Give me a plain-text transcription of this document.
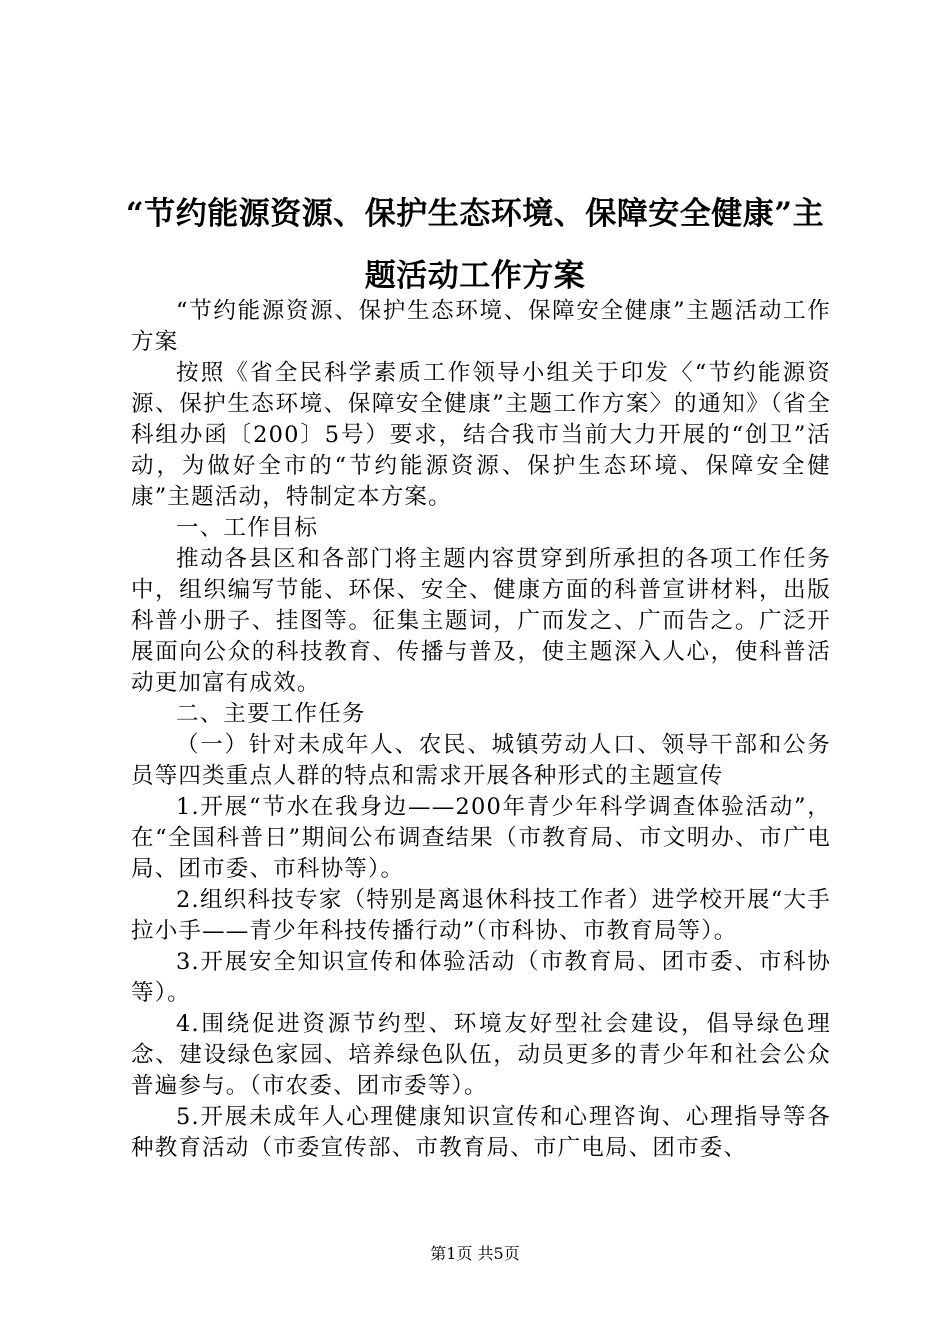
“节约能源资源、保护生态环境、保障安全健康”主题活动工作方案

“节约能源资源、保护生态环境、保障安全健康”主题活动工作方案

按照《省全民科学素质工作领导小组关于印发〈“节约能源资源、保护生态环境、保障安全健康”主题工作方案〉的通知》（省全科组办函〔200〕5号）要求，结合我市当前大力开展的“创卫”活动，为做好全市的“节约能源资源、保护生态环境、保障安全健康”主题活动，特制定本方案。

一、工作目标

推动各县区和各部门将主题内容贯穿到所承担的各项工作任务中，组织编写节能、环保、安全、健康方面的科普宣讲材料，出版科普小册子、挂图等。征集主题词，广而发之、广而告之。广泛开展面向公众的科技教育、传播与普及，使主题深入人心，使科普活动更加富有成效。

二、主要工作任务

（一）针对未成年人、农民、城镇劳动人口、领导干部和公务员等四类重点人群的特点和需求开展各种形式的主题宣传

1.开展“节水在我身边——200年青少年科学调查体验活动”，在“全国科普日”期间公布调查结果（市教育局、市文明办、市广电局、团市委、市科协等）。

2.组织科技专家（特别是离退休科技工作者）进学校开展“大手拉小手——青少年科技传播行动”（市科协、市教育局等）。

3.开展安全知识宣传和体验活动（市教育局、团市委、市科协等）。

4.围绕促进资源节约型、环境友好型社会建设，倡导绿色理念、建设绿色家园、培养绿色队伍，动员更多的青少年和社会公众普遍参与。（市农委、团市委等）。

5.开展未成年人心理健康知识宣传和心理咨询、心理指导等各种教育活动（市委宣传部、市教育局、市广电局、团市委、

第1页 共5页
